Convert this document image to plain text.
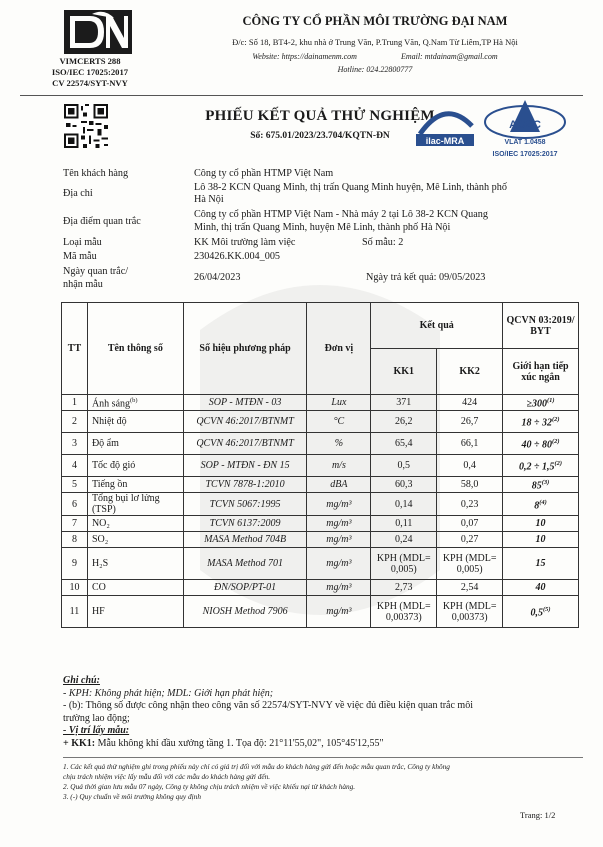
VIMCERTS 288
ISO/IEC 17025:2017
CV 22574/SYT-NVY
CÔNG TY CỔ PHẦN MÔI TRƯỜNG ĐẠI NAM
Đ/c: Số 18, BT4-2, khu nhà ở Trung Văn, P.Trung Văn, Q.Nam Từ Liêm,TP Hà Nội
Website: https://dainamenm.com	Email: mtdainam@gmail.com
Hotline: 024.22800777
PHIẾU KẾT QUẢ THỬ NGHIỆM
Số: 675.01/2023/23.704/KQTN-ĐN	ilac-MRA
AOSC
VLAT 1.0458
ISO/IEC 17025:2017
Tên khách hàng	Công ty cổ phần HTMP Việt Nam
Địa chỉ
Lô 38-2 KCN Quang Minh, thị trấn Quang Minh huyện, Mê Linh, thành phố
Hà Nội
Địa điểm quan trắc
Công ty cổ phần HTMP Việt Nam - Nhà máy 2 tại Lô 38-2 KCN Quang
Minh, thị trấn Quang Minh, huyện Mê Linh, thành phố Hà Nội
Loại mẫu	KK Môi trường làm việc	Số mẫu: 2
Mã mẫu	230426.KK.004_005
Ngày quan trắc/
nhận mẫu
26/04/2023	Ngày trả kết quả: 09/05/2023
TT	Tên thông số	Số hiệu phương pháp	Đơn vị	Kết quả		QCVN 03:2019/ BYT
				KK1	KK2	Giới hạn tiếp xúc ngắn
1	Ánh sáng$^{(b)}$	SOP - MTĐN - 03	Lux	371	424	$\ge 300^{(1)}$
2	Nhiệt độ	QCVN 46:2017/BTNMT	°C	26,2	26,7	$18 \div 32^{(2)}$
3	Độ ẩm	QCVN 46:2017/BTNMT	%	65,4	66,1	$40 \div 80^{(2)}$
4	Tốc độ gió	SOP - MTĐN - ĐN 15	m/s	0,5	0,4	$0,2 \div 1,5^{(2)}$
5	Tiếng ồn	TCVN 7878-1:2010	dBA	60,3	58,0	85$^{(3)}$
6	Tổng bụi lơ lửng (TSP)	TCVN 5067:1995	mg/m³	0,14	0,23	8$^{(4)}$
7	NO₂	TCVN 6137:2009	mg/m³	0,11	0,07	10
8	SO₂	MASA Method 704B	mg/m³	0,24	0,27	10
9	H₂S	MASA Method 701	mg/m³	KPH (MDL= 0,005)	KPH (MDL= 0,005)	15
10	CO	ĐN/SOP/PT-01	mg/m³	2,73	2,54	40
11	HF	NIOSH Method 7906	mg/m³	KPH (MDL= 0,00373)	KPH (MDL= 0,00373)	0,5$^{(5)}$
Ghi chú:
- KPH: Không phát hiện; MDL: Giới hạn phát hiện;
- (b): Thông số được công nhận theo công văn số 22574/SYT-NVY về việc đủ điều kiện quan trắc môi
trường lao động;
- Vị trí lấy mẫu:
+ KK1: Mẫu không khí đầu xưởng tầng 1. Tọa độ: 21°11'55,02", 105°45'12,55"
1. Các kết quả thử nghiệm ghi trong phiếu này chỉ có giá trị đối với mẫu do khách hàng gửi đến hoặc mẫu quan trắc, Công ty không
chịu trách nhiệm việc lấy mẫu đối với các mẫu do khách hàng gửi đến.
2. Quá thời gian lưu mẫu 07 ngày, Công ty không chịu trách nhiệm về việc khiếu nại từ khách hàng.
3. (-) Quy chuẩn về môi trường không quy định
Trang: 1/2
